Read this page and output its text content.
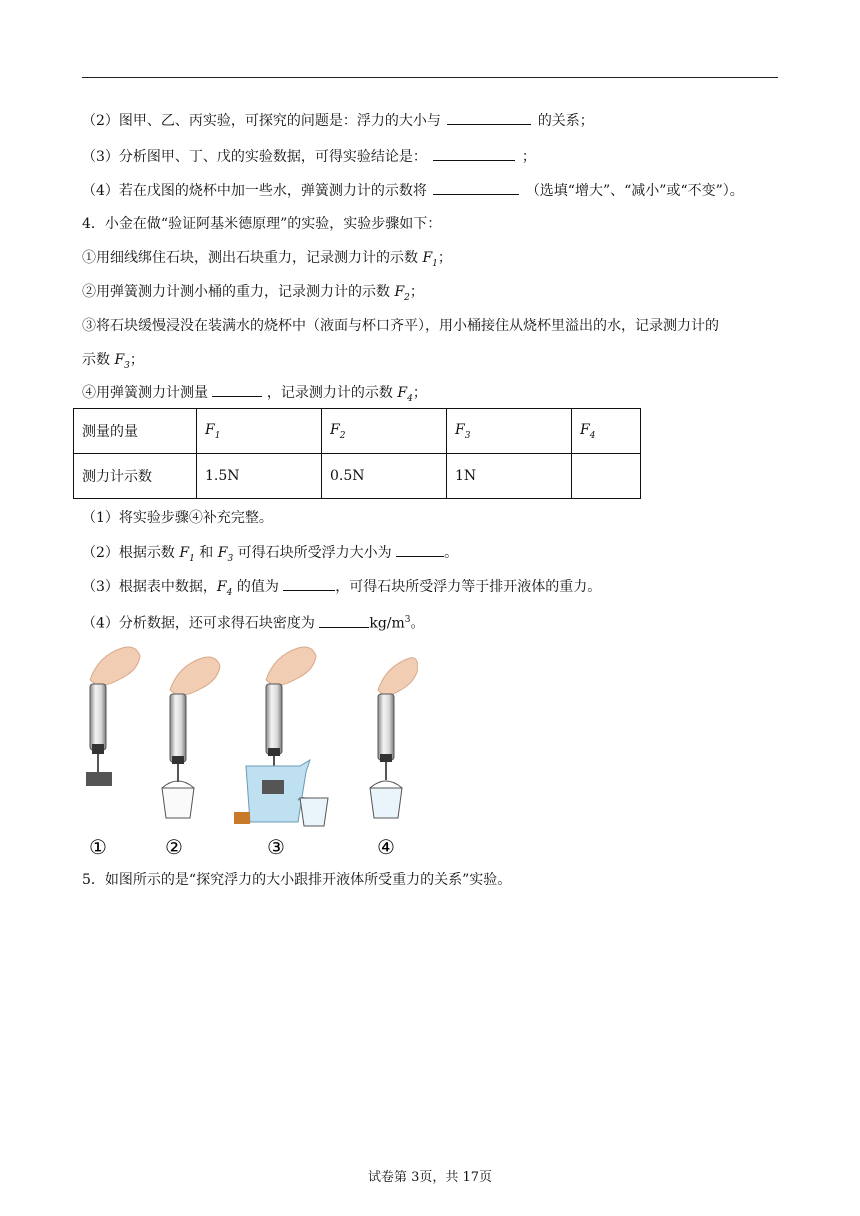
（2）图甲、乙、丙实验，可探究的问题是：浮力的大小与	的关系；
（3）分析图甲、丁、戊的实验数据，可得实验结论是：	；
（4）若在戊图的烧杯中加一些水，弹簧测力计的示数将	（选填“增大”、“减小”或“不变”）。
4．小金在做“验证阿基米德原理”的实验，实验步骤如下：
①用细线绑住石块，测出石块重力，记录测力计的示数 $F_1$；
②用弹簧测力计测小桶的重力，记录测力计的示数 $F_2$；
③将石块缓慢浸没在装满水的烧杯中（液面与杯口齐平），用小桶接住从烧杯里溢出的水，记录测力计的
示数 $F_3$；
④用弹簧测力计测量	，记录测力计的示数 $F_4$；
测量的量	$F_1$	$F_2$	$F_3$	$F_4$
测力计示数	1.5N	0.5N	1N	
（1）将实验步骤④补充完整。
（2）根据示数 $F_1$ 和 $F_3$ 可得石块所受浮力大小为	。
（3）根据表中数据，$F_4$ 的值为	，可得石块所受浮力等于排开液体的重力。
（4）分析数据，还可求得石块密度为	$kg/m^3$。
①	②	③	④
5．如图所示的是“探究浮力的大小跟排开液体所受重力的关系”实验。
试卷第 3页，共 17页
